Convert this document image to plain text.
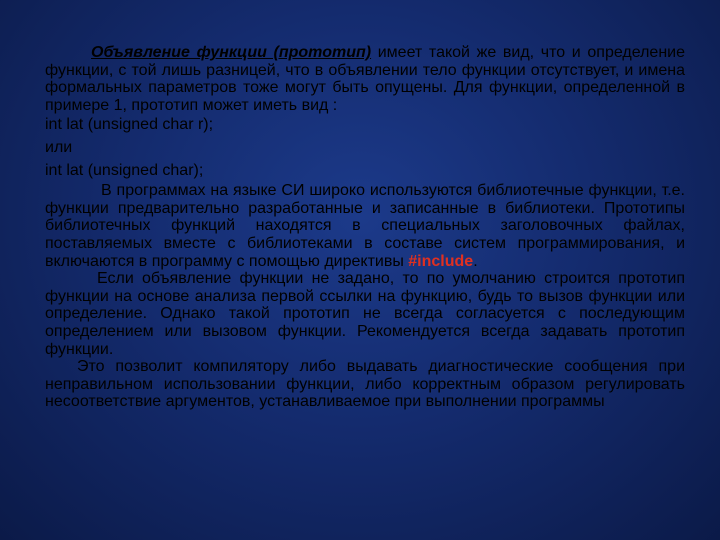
Объявление функции (прототип) имеет такой же вид, что и определение функции, с той лишь разницей, что в объявлении тело функции отсутствует, и имена формальных параметров тоже могут быть опущены. Для функции, определенной в примере 1, прототип может иметь вид :

int lat (unsigned char r);

или

int lat (unsigned char);

В программах на языке СИ широко используются библиотечные функции, т.е. функции предварительно разработанные и записанные в библиотеки. Прототипы библиотечных функций находятся в специальных заголовочных файлах, поставляемых вместе с библиотеками в составе систем программирования, и включаются в программу с помощью директивы #include.

Если объявление функции не задано, то по умолчанию строится прототип функции на основе анализа первой ссылки на функцию, будь то вызов функции или определение. Однако такой прототип не всегда согласуется с последующим определением или вызовом функции. Рекомендуется всегда задавать прототип функции.

Это позволит компилятору либо выдавать диагностические сообщения при неправильном использовании функции, либо корректным образом регулировать несоответствие аргументов, устанавливаемое при выполнении программы
